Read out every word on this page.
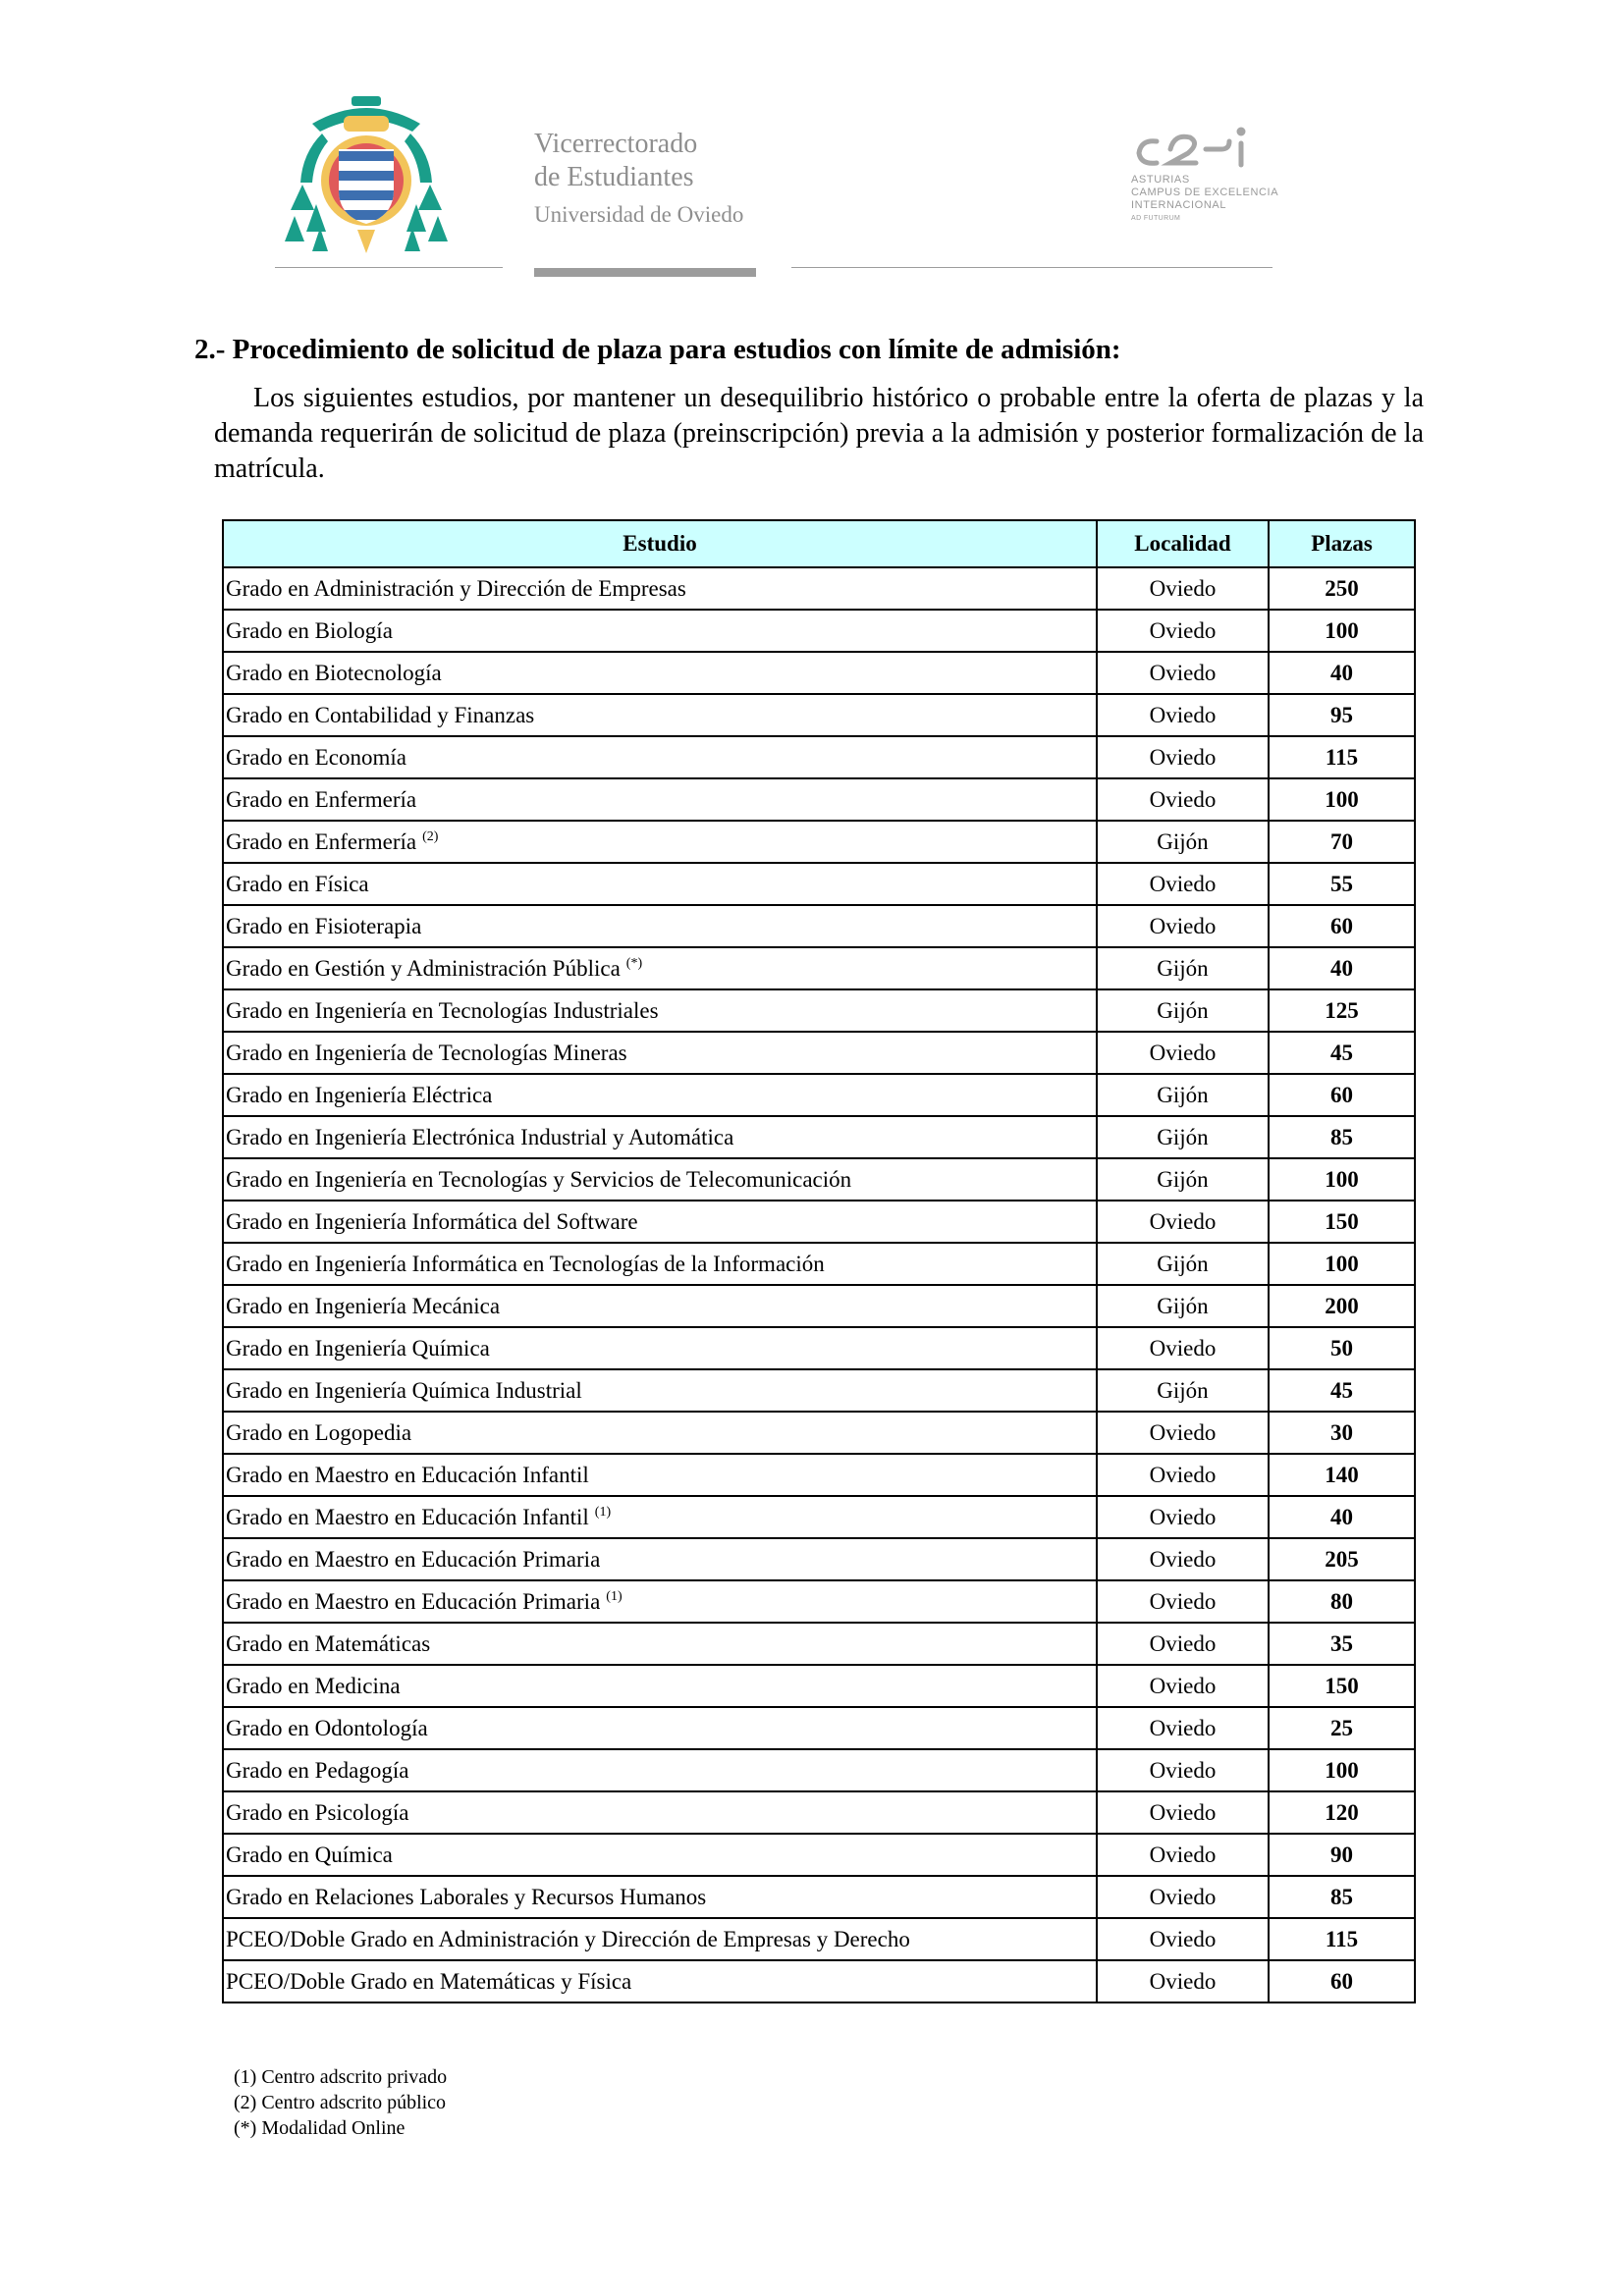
Vicerrectorado
de Estudiantes
Universidad de Oviedo
ASTURIAS
CAMPUS DE EXCELENCIA
INTERNACIONAL
AD FUTURUM
2.- Procedimiento de solicitud de plaza para estudios con límite de admisión:

Los siguientes estudios, por mantener un desequilibrio histórico o probable entre la oferta de plazas y la demanda requerirán de solicitud de plaza (preinscripción) previa a la admisión y posterior formalización de la matrícula.

Estudio	Localidad	Plazas
Grado en Administración y Dirección de Empresas	Oviedo	250
Grado en Biología	Oviedo	100
Grado en Biotecnología	Oviedo	40
Grado en Contabilidad y Finanzas	Oviedo	95
Grado en Economía	Oviedo	115
Grado en Enfermería	Oviedo	100
Grado en Enfermería $^{(2)}$	Gijón	70
Grado en Física	Oviedo	55
Grado en Fisioterapia	Oviedo	60
Grado en Gestión y Administración Pública (*)	Gijón	40
Grado en Ingeniería en Tecnologías Industriales	Gijón	125
Grado en Ingeniería de Tecnologías Mineras	Oviedo	45
Grado en Ingeniería Eléctrica	Gijón	60
Grado en Ingeniería Electrónica Industrial y Automática	Gijón	85
Grado en Ingeniería en Tecnologías y Servicios de Telecomunicación	Gijón	100
Grado en Ingeniería Informática del Software	Oviedo	150
Grado en Ingeniería Informática en Tecnologías de la Información	Gijón	100
Grado en Ingeniería Mecánica	Gijón	200
Grado en Ingeniería Química	Oviedo	50
Grado en Ingeniería Química Industrial	Gijón	45
Grado en Logopedia	Oviedo	30
Grado en Maestro en Educación Infantil	Oviedo	140
Grado en Maestro en Educación Infantil $^{(1)}$	Oviedo	40
Grado en Maestro en Educación Primaria	Oviedo	205
Grado en Maestro en Educación Primaria $^{(1)}$	Oviedo	80
Grado en Matemáticas	Oviedo	35
Grado en Medicina	Oviedo	150
Grado en Odontología	Oviedo	25
Grado en Pedagogía	Oviedo	100
Grado en Psicología	Oviedo	120
Grado en Química	Oviedo	90
Grado en Relaciones Laborales y Recursos Humanos	Oviedo	85
PCEO/Doble Grado en Administración y Dirección de Empresas y Derecho	Oviedo	115
PCEO/Doble Grado en Matemáticas y Física	Oviedo	60
(1) Centro adscrito privado
(2) Centro adscrito público
(*) Modalidad Online
